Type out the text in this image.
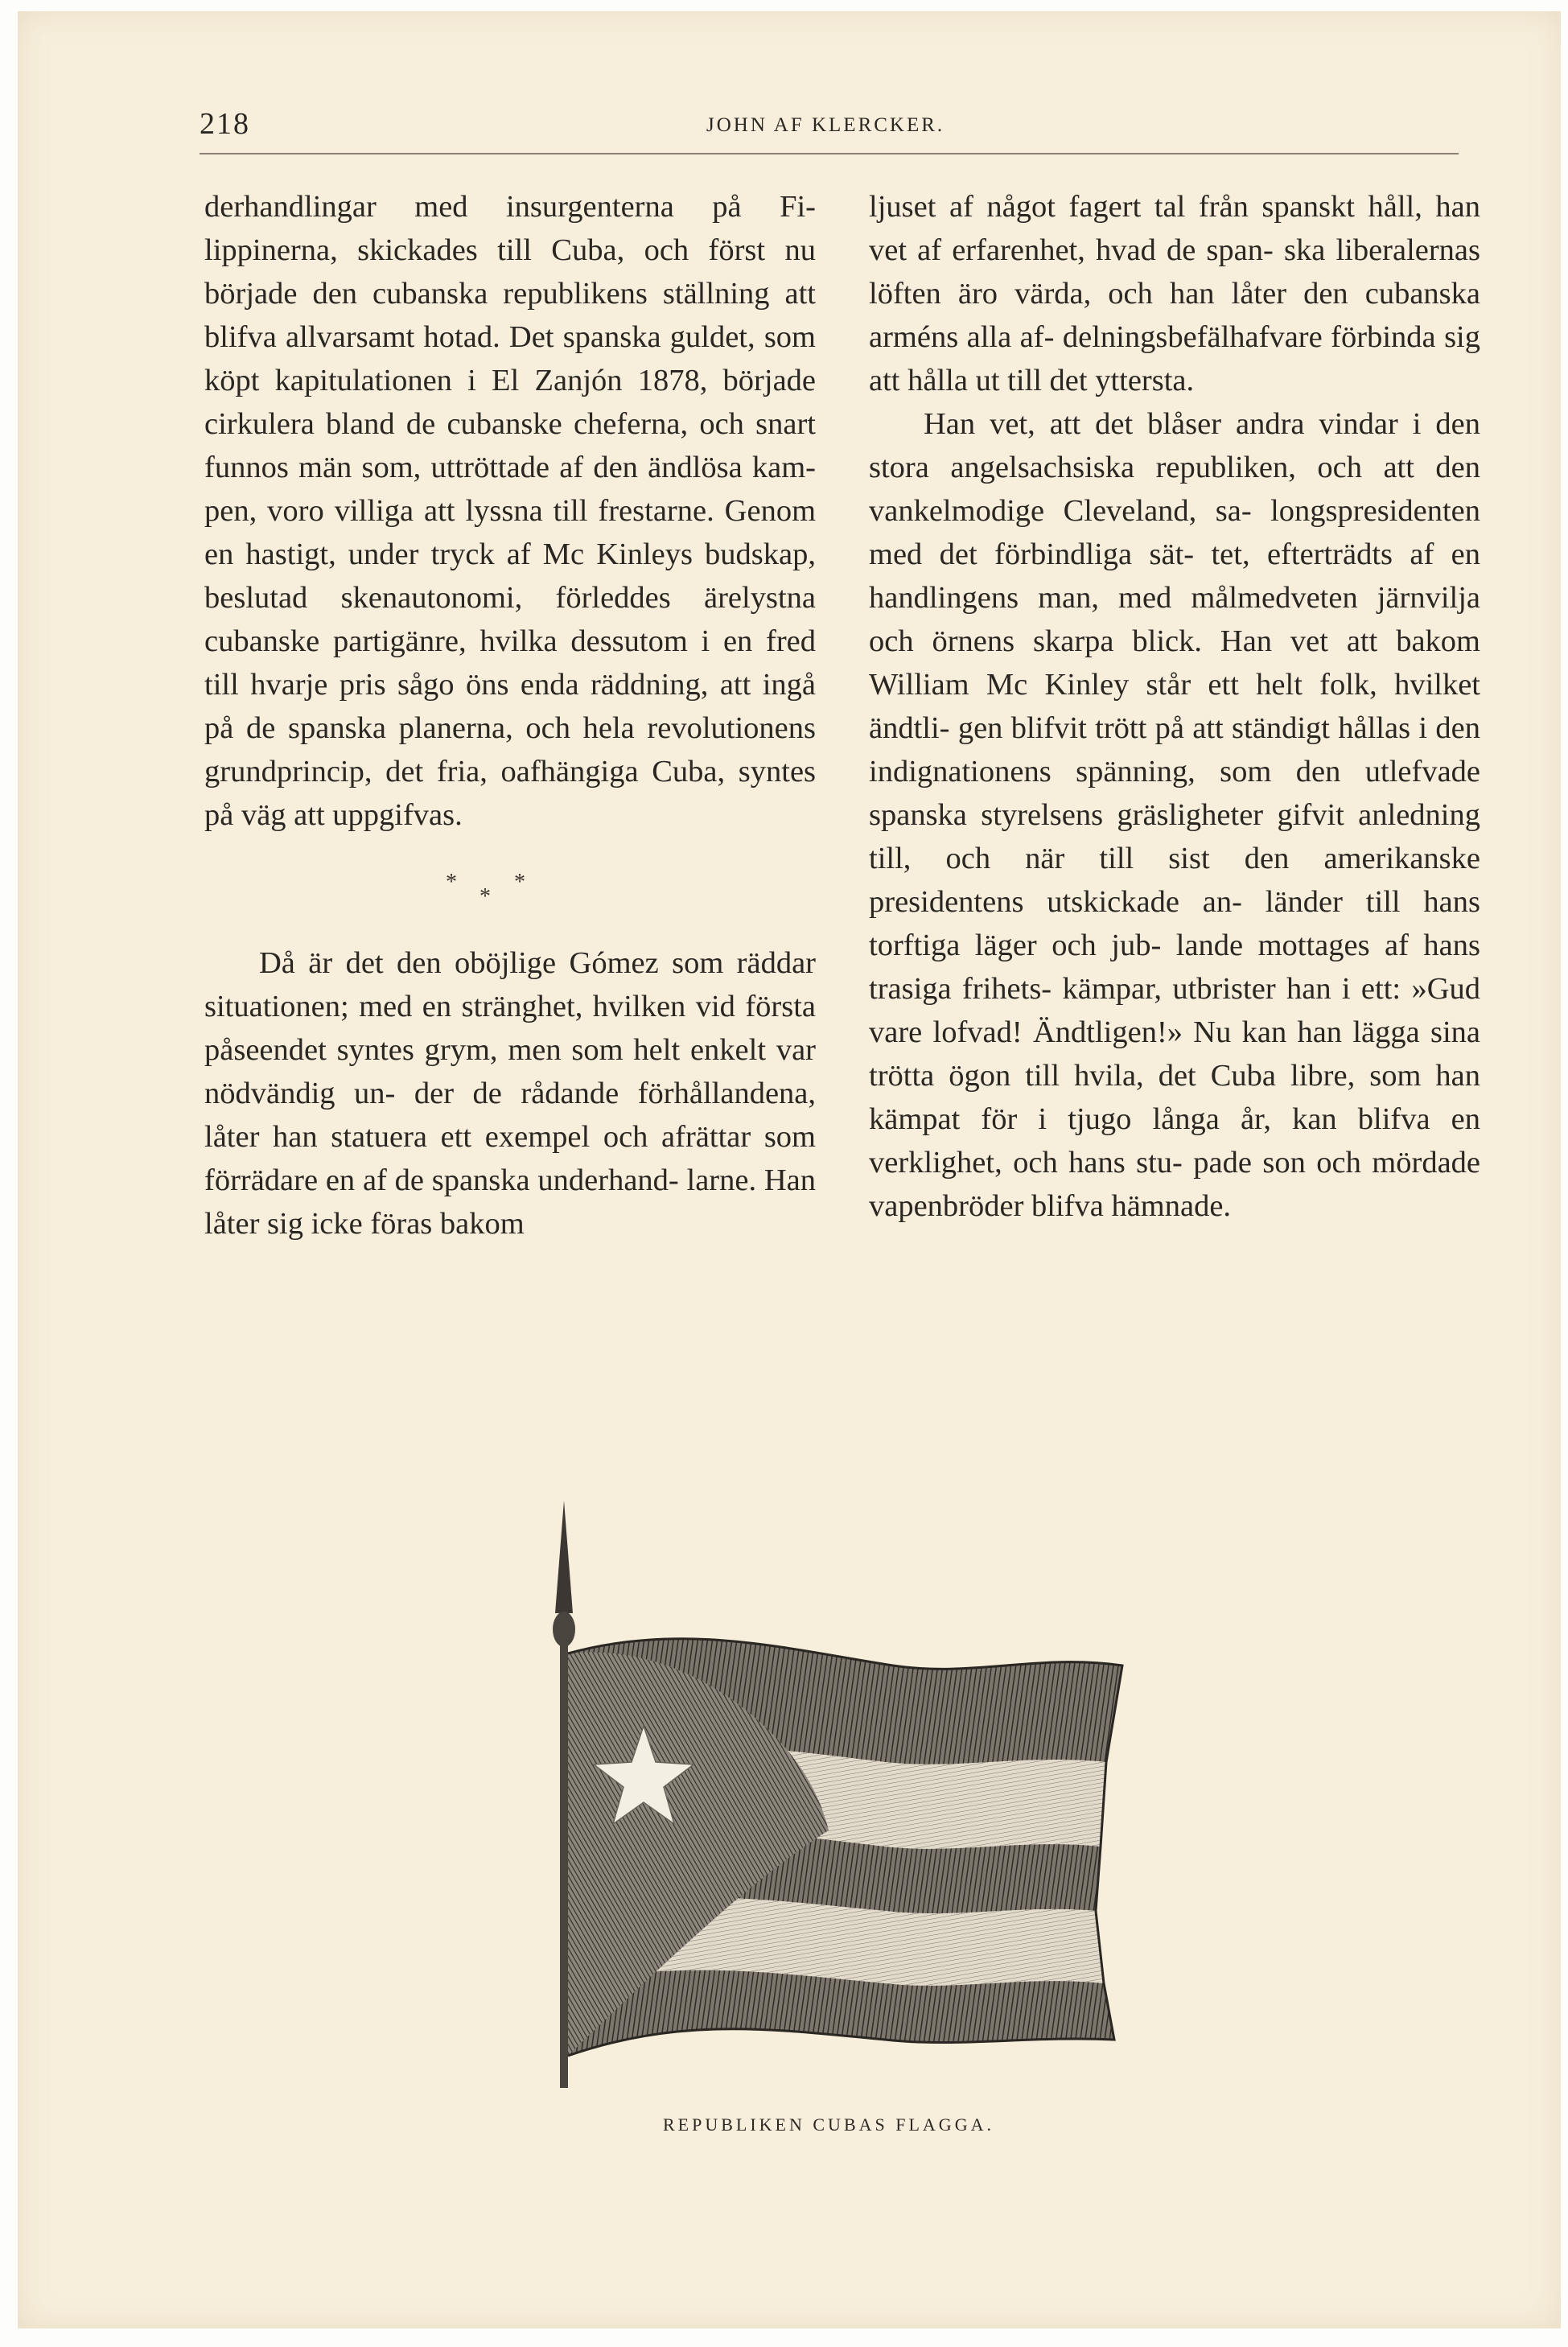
218	JOHN AF KLERCKER.

derhandlingar med insurgenterna på Fi- lippinerna, skickades till Cuba, och först nu började den cubanska republikens ställning att blifva allvarsamt hotad. Det spanska guldet, som köpt kapitulationen i El Zanjón 1878, började cirkulera bland de cubanske cheferna, och snart funnos män som, uttröttade af den ändlösa kam- pen, voro villiga att lyssna till frestarne. Genom en hastigt, under tryck af Mc Kinleys budskap, beslutad skenautonomi, förleddes ärelystna cubanske partigänre, hvilka dessutom i en fred till hvarje pris sågo öns enda räddning, att ingå på de spanska planerna, och hela revolutionens grundprincip, det fria, oafhängiga Cuba, syntes på väg att uppgifvas.

*	*
*

Då är det den oböjlige Gómez som räddar situationen; med en stränghet, hvilken vid första påseendet syntes grym, men som helt enkelt var nödvändig un- der de rådande förhållandena, låter han statuera ett exempel och afrättar som förrädare en af de spanska underhand- larne. Han låter sig icke föras bakom

ljuset af något fagert tal från spanskt håll, han vet af erfarenhet, hvad de span- ska liberalernas löften äro värda, och han låter den cubanska arméns alla af- delningsbefälhafvare förbinda sig att hålla ut till det yttersta.

Han vet, att det blåser andra vindar i den stora angelsachsiska republiken, och att den vankelmodige Cleveland, sa- longspresidenten med det förbindliga sät- tet, efterträdts af en handlingens man, med målmedveten järnvilja och örnens skarpa blick. Han vet att bakom William Mc Kinley står ett helt folk, hvilket ändtli- gen blifvit trött på att ständigt hållas i den indignationens spänning, som den utlefvade spanska styrelsens gräsligheter gifvit anledning till, och när till sist den amerikanske presidentens utskickade an- länder till hans torftiga läger och jub- lande mottages af hans trasiga frihets- kämpar, utbrister han i ett: »Gud vare lofvad! Ändtligen!» Nu kan han lägga sina trötta ögon till hvila, det Cuba libre, som han kämpat för i tjugo långa år, kan blifva en verklighet, och hans stu- pade son och mördade vapenbröder blifva hämnade.

REPUBLIKEN CUBAS FLAGGA.
